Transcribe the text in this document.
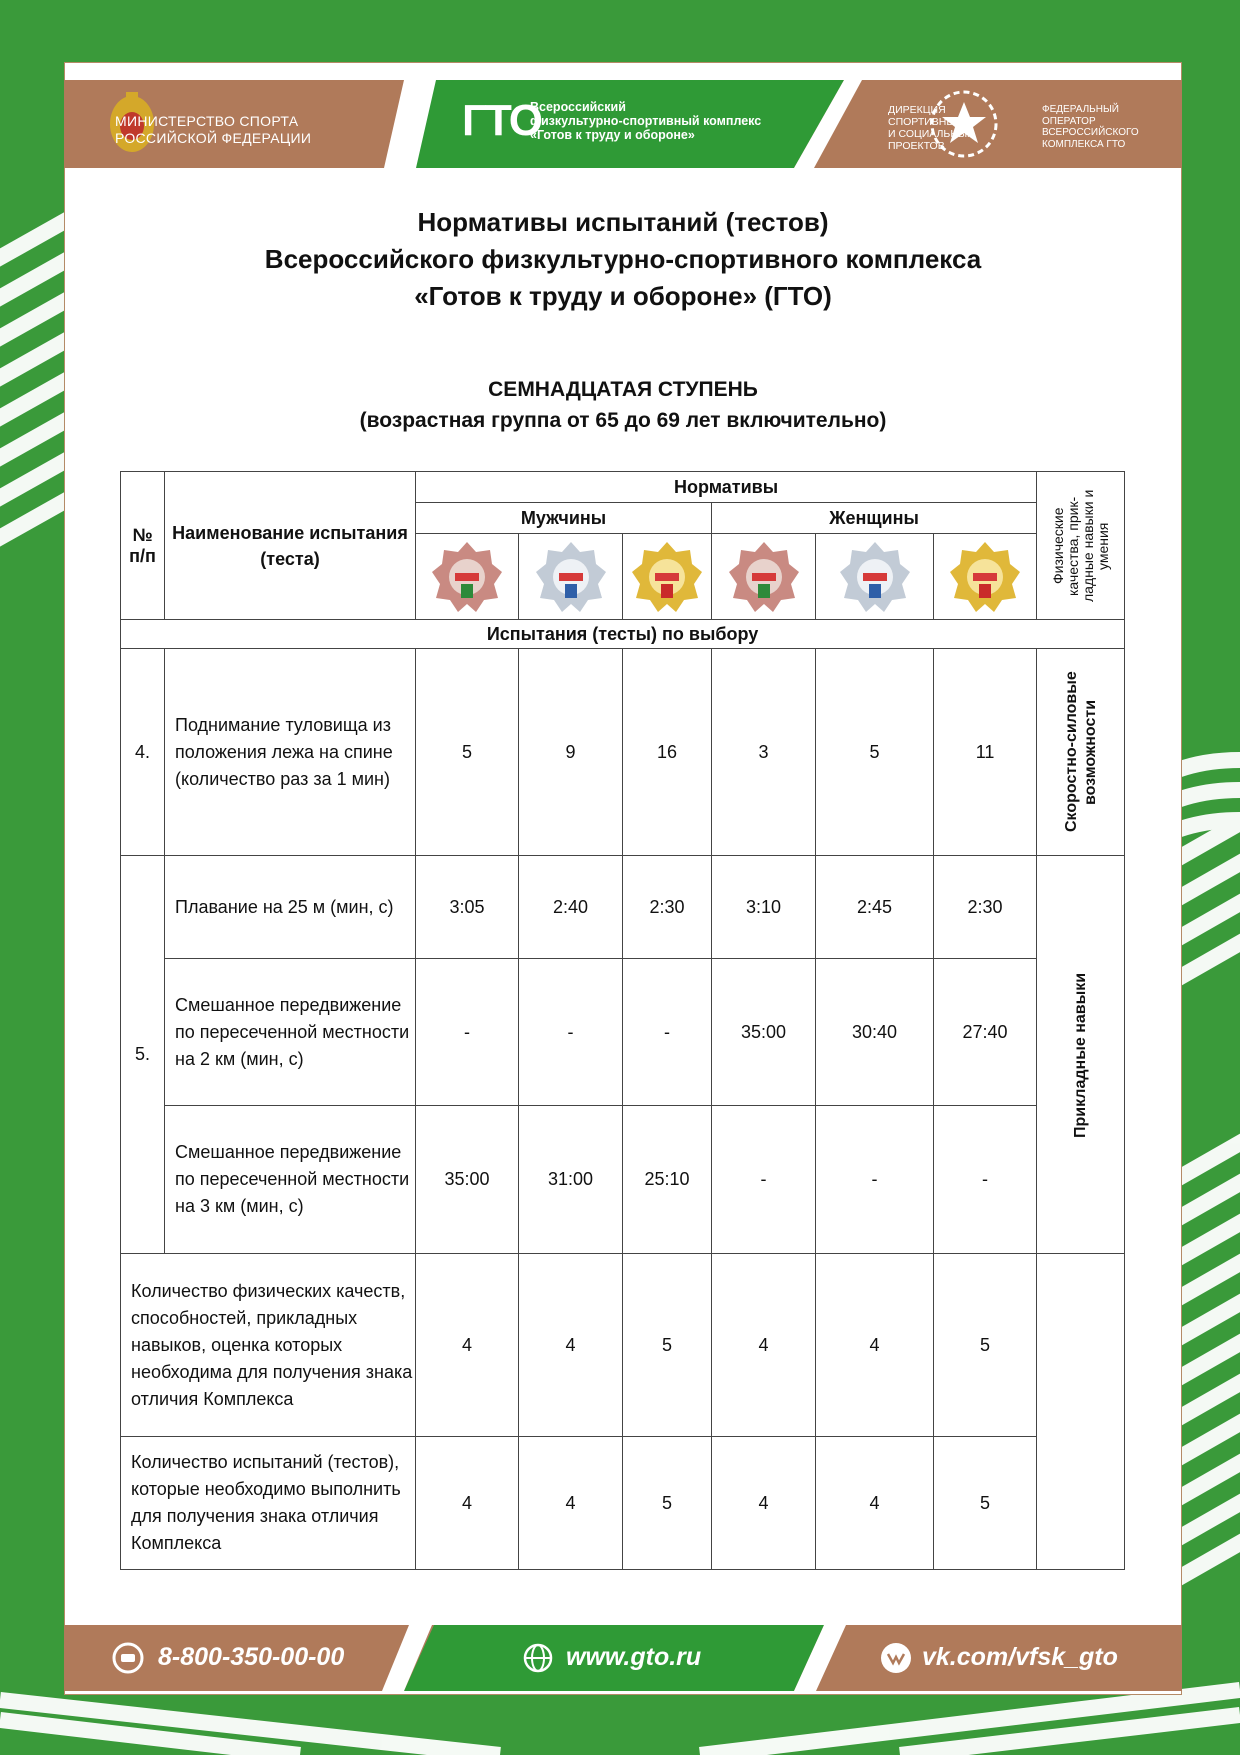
МИНИСТЕРСТВО СПОРТА
РОССИЙСКОЙ ФЕДЕРАЦИИ	ГТО
Всероссийский
физкультурно-спортивный комплекс
«Готов к труду и обороне»
ДИРЕКЦИЯ
СПОРТИВНЫХ
И СОЦИАЛЬНЫХ
ПРОЕКТОВ
ФЕДЕРАЛЬНЫЙ
ОПЕРАТОР
ВСЕРОССИЙСКОГО
КОМПЛЕКСА ГТО
Нормативы испытаний (тестов)
Всероссийского физкультурно-спортивного комплекса
«Готов к труду и обороне» (ГТО)
СЕМНАДЦАТАЯ СТУПЕНЬ
(возрастная группа от 65 до 69 лет включительно)
№
п/п	Наименование испытания (теста)	Нормативы						Физические качества, прик-ладные навыки и умения

		Мужчины			Женщины			

Испытания (тесты) по выбору								
4.	Поднимание туловища из положения лежа на спине (количество раз за 1 мин)	5	9	16	3	5	11	Скоростно-силовые возможности

5.	Плавание на 25 м (мин, с)	3:05	2:40	2:30	3:10	2:45	2:30	Прикладные навыки

	Смешанное передвижение по пересеченной местности на 2 км (мин, с)	-	-	-	35:00	30:40	27:40	
	Смешанное передвижение по пересеченной местности на 3 км (мин, с)	35:00	31:00	25:10	-	-	-	
Количество физических качеств, способностей, прикладных навыков, оценка которых необходима для получения знака отличия Комплекса		4	4	5	4	4	5	
Количество испытаний (тестов), которые необходимо выполнить для получения знака отличия Комплекса		4	4	5	4	4	5	
8-800-350-00-00	www.gto.ru	vk.com/vfsk_gto
